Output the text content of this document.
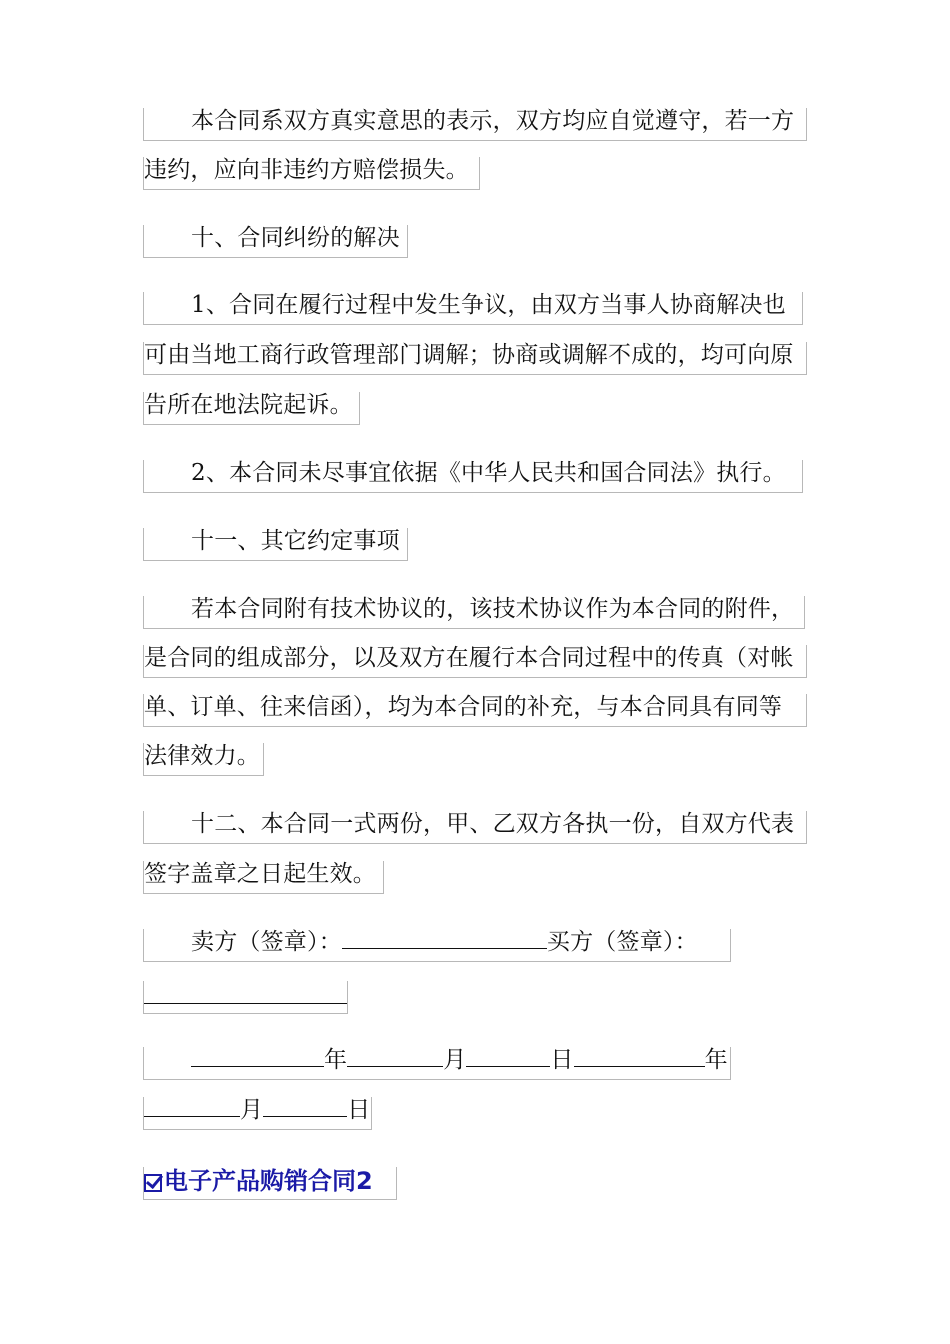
本合同系双方真实意思的表示，双方均应自觉遵守，若一方
违约，应向非违约方赔偿损失。
十、合同纠纷的解决
1、合同在履行过程中发生争议，由双方当事人协商解决也
可由当地工商行政管理部门调解；协商或调解不成的，均可向原
告所在地法院起诉。
2、本合同未尽事宜依据《中华人民共和国合同法》执行。
十一、其它约定事项
若本合同附有技术协议的，该技术协议作为本合同的附件，
是合同的组成部分，以及双方在履行本合同过程中的传真（对帐
单、订单、往来信函），均为本合同的补充，与本合同具有同等
法律效力。
十二、本合同一式两份，甲、乙双方各执一份，自双方代表
签字盖章之日起生效。
卖方（签章）：	买方（签章）：
年	月	日	年
月	日
电子产品购销合同2
